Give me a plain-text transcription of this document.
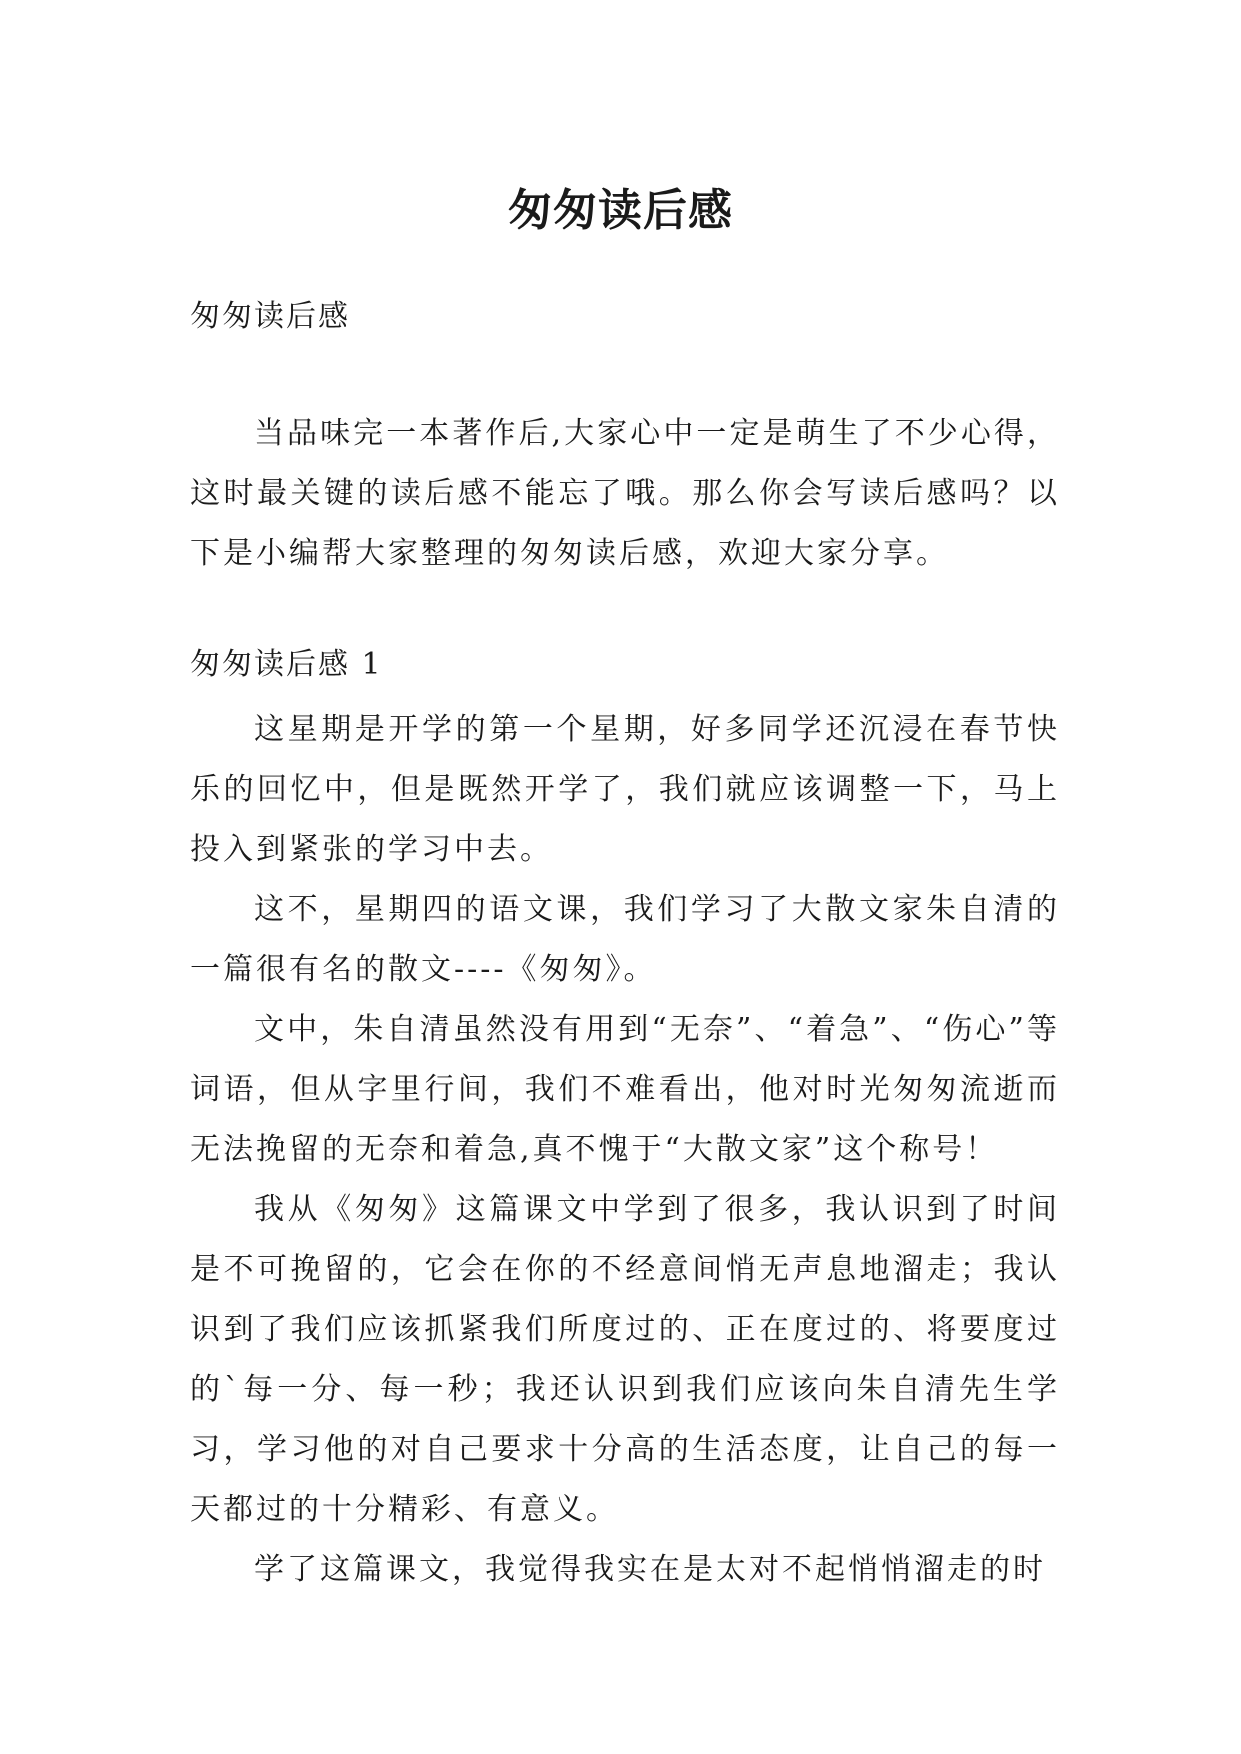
匆匆读后感
匆匆读后感

当品味完一本著作后,大家心中一定是萌生了不少心得，这时最关键的读后感不能忘了哦。那么你会写读后感吗？以下是小编帮大家整理的匆匆读后感，欢迎大家分享。

匆匆读后感 1

这星期是开学的第一个星期，好多同学还沉浸在春节快乐的回忆中，但是既然开学了，我们就应该调整一下，马上投入到紧张的学习中去。

这不，星期四的语文课，我们学习了大散文家朱自清的一篇很有名的散文----《匆匆》。

文中，朱自清虽然没有用到“无奈”、“着急”、“伤心”等词语，但从字里行间，我们不难看出，他对时光匆匆流逝而无法挽留的无奈和着急,真不愧于“大散文家”这个称号！

我从《匆匆》这篇课文中学到了很多，我认识到了时间是不可挽留的，它会在你的不经意间悄无声息地溜走；我认识到了我们应该抓紧我们所度过的、正在度过的、将要度过的`每一分、每一秒；我还认识到我们应该向朱自清先生学习，学习他的对自己要求十分高的生活态度，让自己的每一天都过的十分精彩、有意义。

学了这篇课文，我觉得我实在是太对不起悄悄溜走的时
